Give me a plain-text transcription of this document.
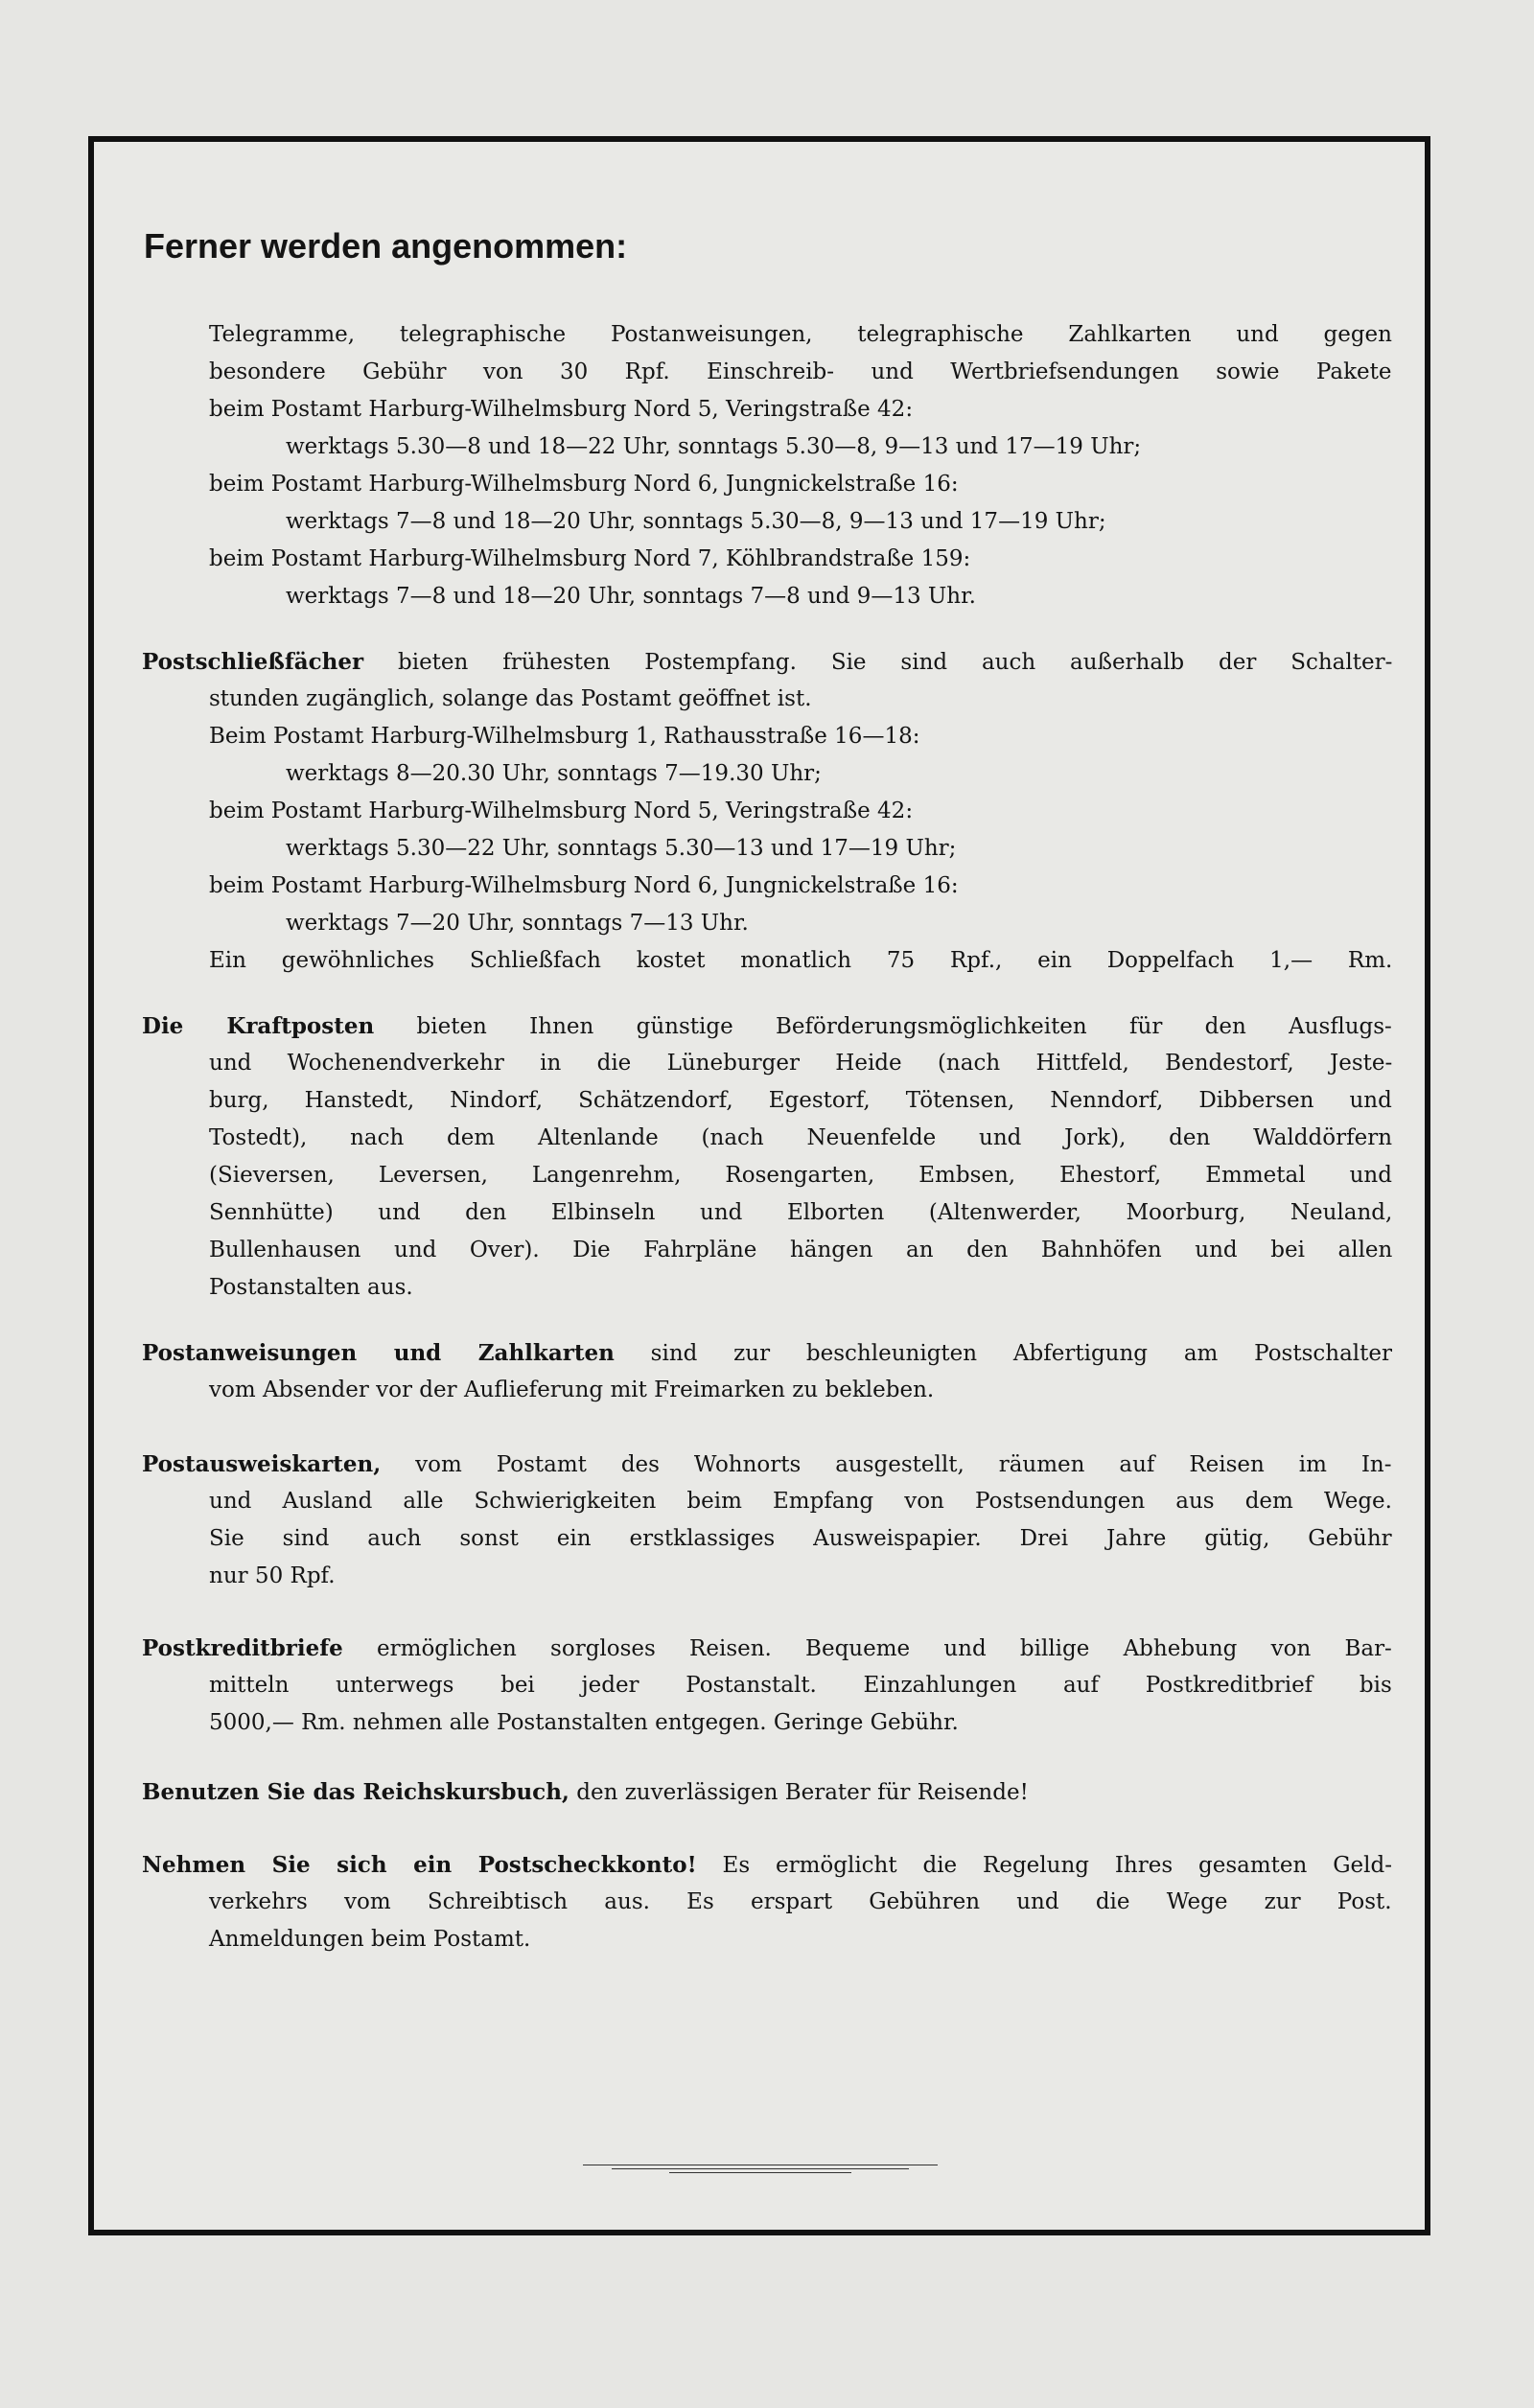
Ferner werden angenommen:
Telegramme, telegraphische Postanweisungen, telegraphische Zahlkarten und gegen
besondere Gebühr von 30 Rpf. Einschreib- und Wertbriefsendungen sowie Pakete
beim Postamt Harburg-Wilhelmsburg Nord 5, Veringstraße 42:
werktags 5.30—8 und 18—22 Uhr, sonntags 5.30—8, 9—13 und 17—19 Uhr;
beim Postamt Harburg-Wilhelmsburg Nord 6, Jungnickelstraße 16:
werktags 7—8 und 18—20 Uhr, sonntags 5.30—8, 9—13 und 17—19 Uhr;
beim Postamt Harburg-Wilhelmsburg Nord 7, Köhlbrandstraße 159:
werktags 7—8 und 18—20 Uhr, sonntags 7—8 und 9—13 Uhr.
Postschließfächer bieten frühesten Postempfang. Sie sind auch außerhalb der Schalter-
stunden zugänglich, solange das Postamt geöffnet ist.
Beim Postamt Harburg-Wilhelmsburg 1, Rathausstraße 16—18:
werktags 8—20.30 Uhr, sonntags 7—19.30 Uhr;
beim Postamt Harburg-Wilhelmsburg Nord 5, Veringstraße 42:
werktags 5.30—22 Uhr, sonntags 5.30—13 und 17—19 Uhr;
beim Postamt Harburg-Wilhelmsburg Nord 6, Jungnickelstraße 16:
werktags 7—20 Uhr, sonntags 7—13 Uhr.
Ein gewöhnliches Schließfach kostet monatlich 75 Rpf., ein Doppelfach 1,— Rm.
Die Kraftposten bieten Ihnen günstige Beförderungsmöglichkeiten für den Ausflugs-
und Wochenendverkehr in die Lüneburger Heide (nach Hittfeld, Bendestorf, Jeste-
burg, Hanstedt, Nindorf, Schätzendorf, Egestorf, Tötensen, Nenndorf, Dibbersen und
Tostedt), nach dem Altenlande (nach Neuenfelde und Jork), den Walddörfern
(Sieversen, Leversen, Langenrehm, Rosengarten, Embsen, Ehestorf, Emmetal und
Sennhütte) und den Elbinseln und Elborten (Altenwerder, Moorburg, Neuland,
Bullenhausen und Over). Die Fahrpläne hängen an den Bahnhöfen und bei allen
Postanstalten aus.
Postanweisungen und Zahlkarten sind zur beschleunigten Abfertigung am Postschalter
vom Absender vor der Auflieferung mit Freimarken zu bekleben.
Postausweiskarten, vom Postamt des Wohnorts ausgestellt, räumen auf Reisen im In-
und Ausland alle Schwierigkeiten beim Empfang von Postsendungen aus dem Wege.
Sie sind auch sonst ein erstklassiges Ausweispapier. Drei Jahre gütig, Gebühr
nur 50 Rpf.
Postkreditbriefe ermöglichen sorgloses Reisen. Bequeme und billige Abhebung von Bar-
mitteln unterwegs bei jeder Postanstalt. Einzahlungen auf Postkreditbrief bis
5000,— Rm. nehmen alle Postanstalten entgegen. Geringe Gebühr.
Benutzen Sie das Reichskursbuch, den zuverlässigen Berater für Reisende!
Nehmen Sie sich ein Postscheckkonto! Es ermöglicht die Regelung Ihres gesamten Geld-
verkehrs vom Schreibtisch aus. Es erspart Gebühren und die Wege zur Post.
Anmeldungen beim Postamt.
